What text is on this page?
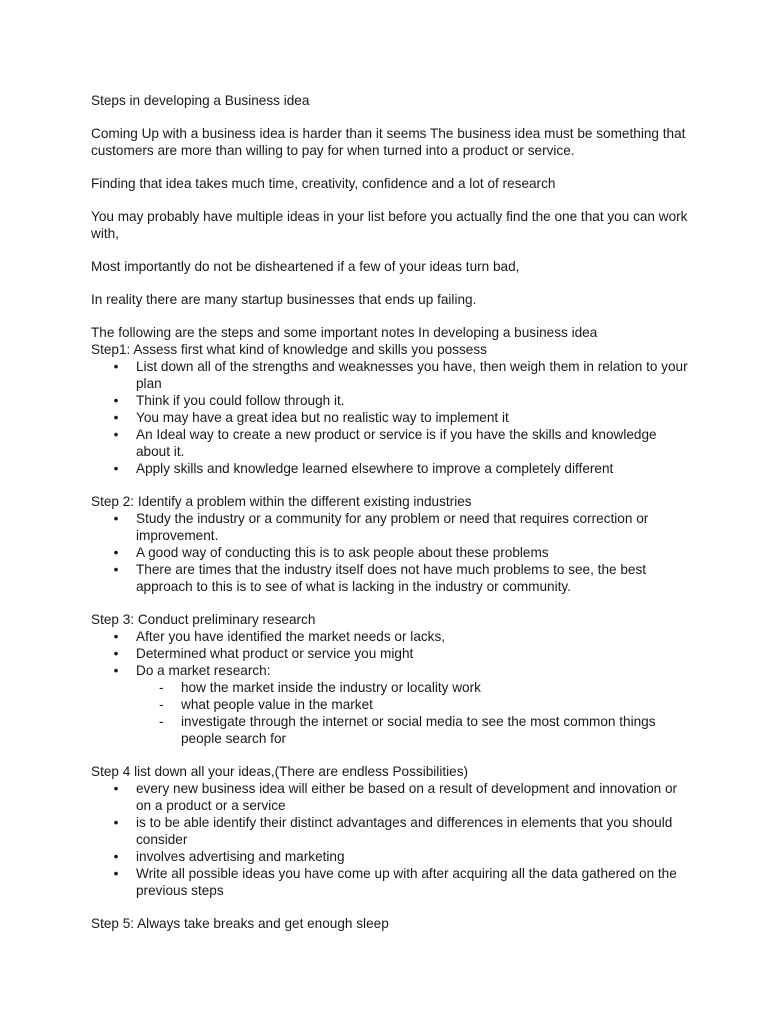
Steps in developing a Business idea

Coming Up with a business idea is harder than it seems The business idea must be something that customers are more than willing to pay for when turned into a product or service.

Finding that idea takes much time, creativity, confidence and a lot of research

You may probably have multiple ideas in your list before you actually find the one that you can work with,

Most importantly do not be disheartened if a few of your ideas turn bad,

In reality there are many startup businesses that ends up failing.

The following are the steps and some important notes In developing a business idea

Step1: Assess first what kind of knowledge and skills you possess

• List down all of the strengths and weaknesses you have, then weigh them in relation to your plan
• Think if you could follow through it.
• You may have a great idea but no realistic way to implement it
• An Ideal way to create a new product or service is if you have the skills and knowledge about it.
• Apply skills and knowledge learned elsewhere to improve a completely different

Step 2: Identify a problem within the different existing industries

• Study the industry or a community for any problem or need that requires correction or improvement.
• A good way of conducting this is to ask people about these problems
• There are times that the industry itself does not have much problems to see, the best approach to this is to see of what is lacking in the industry or community.

Step 3: Conduct preliminary research

• After you have identified the market needs or lacks,
• Determined what product or service you might
• Do a market research:
- how the market inside the industry or locality work
- what people value in the market
- investigate through the internet or social media to see the most common things people search for

Step 4 list down all your ideas,(There are endless Possibilities)

• every new business idea will either be based on a result of development and innovation or on a product or a service
• is to be able identify their distinct advantages and differences in elements that you should consider
• involves advertising and marketing
• Write all possible ideas you have come up with after acquiring all the data gathered on the previous steps

Step 5: Always take breaks and get enough sleep
